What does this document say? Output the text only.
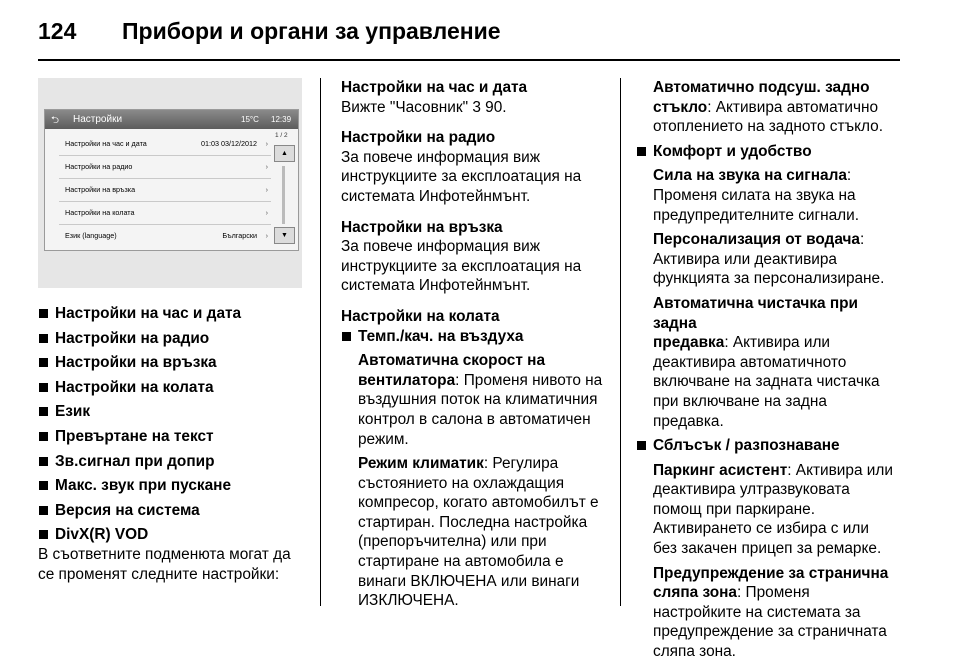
124 Прибори и органи за управление
⮌ Настройки	15°C 12:39
Настройки на час и дата	01:03 03/12/2012 ›
Настройки на радио	›
Настройки на връзка	›
Настройки на колата	›
Език (language)	Български ›
1 / 2
▲
▼

Настройки на час и дата

Настройки на радио

Настройки на връзка

Настройки на колата

Език

Превъртане на текст

Зв.сигнал при допир

Макс. звук при пускане

Версия на система

DivX(R) VOD

В съответните подменюта могат да

се променят следните настройки:

Настройки на час и дата

Вижте "Часовник" 3 90.

Настройки на радио

За повече информация виж

инструкциите за експлоатация на

системата Инфотейнмънт.

Настройки на връзка

За повече информация виж

инструкциите за експлоатация на

системата Инфотейнмънт.

Настройки на колата

Темп./кач. на въздуха

Автоматична скорост на

вентилатора: Променя нивото на

въздушния поток на климатичния

контрол в салона в автоматичен

режим.

Режим климатик: Регулира

състоянието на охлаждащия

компресор, когато автомобилът е

стартиран. Последна настройка

(препоръчителна) или при

стартиране на автомобила е

винаги ВКЛЮЧЕНА или винаги

ИЗКЛЮЧЕНА.

Автоматично подсуш. задно

стъкло: Активира автоматично

отоплението на задното стъкло.

Комфорт и удобство

Сила на звука на сигнала:

Променя силата на звука на

предупредителните сигнали.

Персонализация от водача:

Активира или деактивира

функцията за персонализиране.

Автоматична чистачка при задна

предавка: Активира или

деактивира автоматичното

включване на задната чистачка

при включване на задна

предавка.

Сблъсък / разпознаване

Паркинг асистент: Активира или

деактивира ултразвуковата

помощ при паркиране.

Активирането се избира с или

без закачен прицеп за ремарке.

Предупреждение за странична

сляпа зона: Променя

настройките на системата за

предупреждение за страничната

сляпа зона.
